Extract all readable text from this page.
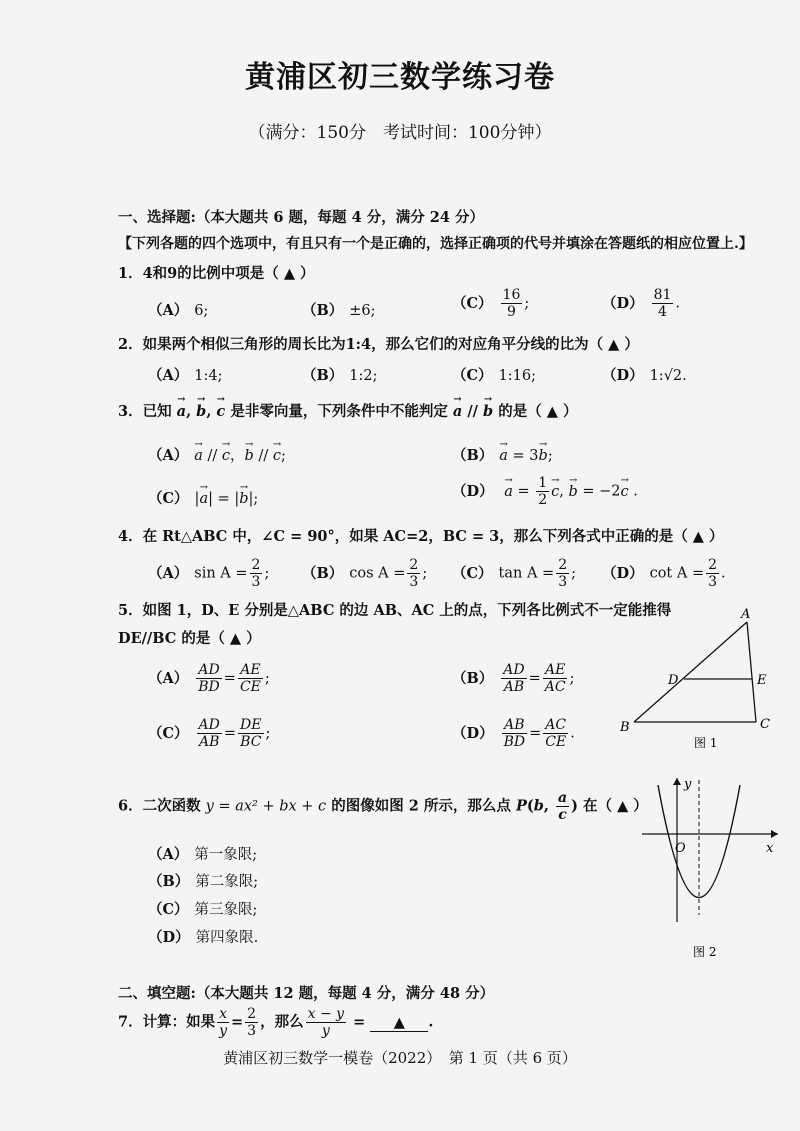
黄浦区初三数学练习卷
（满分：150分　考试时间：100分钟）
一、选择题:（本大题共 6 题，每题 4 分，满分 24 分）
【下列各题的四个选项中，有且只有一个是正确的，选择正确项的代号并填涂在答题纸的相应位置上.】
1．4和9的比例中项是（ ▲ ）
（A） 6;	（B） ±6;	$(C) \frac{16}{9}$ ;	$(D) \frac{81}{4}$ .
2．如果两个相似三角形的周长比为1:4，那么它们的对应角平分线的比为（ ▲ ）
（A） 1:4;	（B） 1:2;	（C） 1:16;	（D） 1:√2.
3．已知 → a, → b, → c 是非零向量，下列条件中不能判定 → a // → b 的是（ ▲ ）
（A）→ a // → c，→ b // → c;	（B）→ a = 3→ b;
（C） |→ a| = |→ b|;	$(D) \to a = \frac{1}{2}$
→ c, → b = −2→ c .
4．在 Rt△ABC 中，∠C = 90°，如果 AC=2，BC = 3，那么下列各式中正确的是（ ▲ ）
（A） $\sin A = \frac{2}{3}$ ; （B） $\cos A = \frac{2}{3}$ ; （C） $\tan A = \frac{2}{3}$ ; （D） $\cot A = \frac{2}{3}$ .
5．如图 1，D、E 分别是△ABC 的边 AB、AC 上的点，下列各比例式不一定能推得
DE//BC 的是（ ▲ ）
$(A) \frac{AD}{BD} = \frac{AE}{CE}$ ;	$(B) \frac{AD}{AB} = \frac{AE}{AC}$ ;
$(C) \frac{AD}{AB} = \frac{DE}{BC}$ ;	$(D) \frac{AB}{BD} = \frac{AC}{CE}$ .
A
D	E
B	C
图 1
6．二次函数 y = ax² + bx + c 的图像如图 2 所示，那么点 P(b, $\frac{a}{c}$ ) 在（ ▲ ）
（A） 第一象限;
（B） 第二象限;
（C） 第三象限;
（D） 第四象限.
y
x
O
图 2
二、填空题:（本大题共 12 题，每题 4 分，满分 48 分）
7．计算：如果 $\frac{x}{y} = \frac{2}{3}$ ，那么 $\frac{x - y}{y}$ = ▲ .
黄浦区初三数学一模卷（2022）　第 1 页（共 6 页）
